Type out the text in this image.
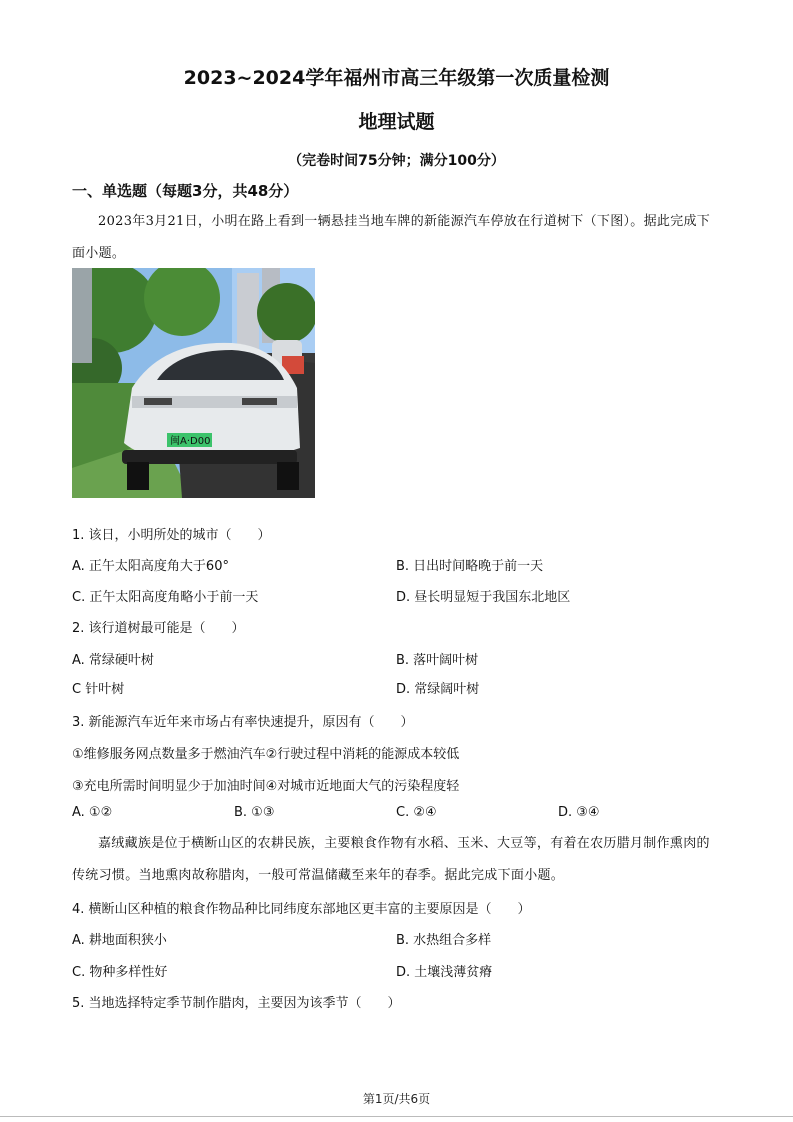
2023~2024学年福州市高三年级第一次质量检测
地理试题
（完卷时间75分钟；满分100分）
一、单选题（每题3分，共48分）
2023年3月21日，小明在路上看到一辆悬挂当地车牌的新能源汽车停放在行道树下（下图）。据此完成下面小题。
闽A·D00
1. 该日，小明所处的城市（　　）
A. 正午太阳高度角大于60°	B. 日出时间略晚于前一天
C. 正午太阳高度角略小于前一天	D. 昼长明显短于我国东北地区
2. 该行道树最可能是（　　）
A. 常绿硬叶树	B. 落叶阔叶树
C 针叶树	D. 常绿阔叶树
3. 新能源汽车近年来市场占有率快速提升，原因有（　　）
①维修服务网点数量多于燃油汽车②行驶过程中消耗的能源成本较低
③充电所需时间明显少于加油时间④对城市近地面大气的污染程度轻
A. ①②	B. ①③	C. ②④	D. ③④
嘉绒藏族是位于横断山区的农耕民族，主要粮食作物有水稻、玉米、大豆等，有着在农历腊月制作熏肉的传统习惯。当地熏肉故称腊肉，一般可常温储藏至来年的春季。据此完成下面小题。
4. 横断山区种植的粮食作物品种比同纬度东部地区更丰富的主要原因是（　　）
A. 耕地面积狭小	B. 水热组合多样
C. 物种多样性好	D. 土壤浅薄贫瘠
5. 当地选择特定季节制作腊肉，主要因为该季节（　　）
第1页/共6页
